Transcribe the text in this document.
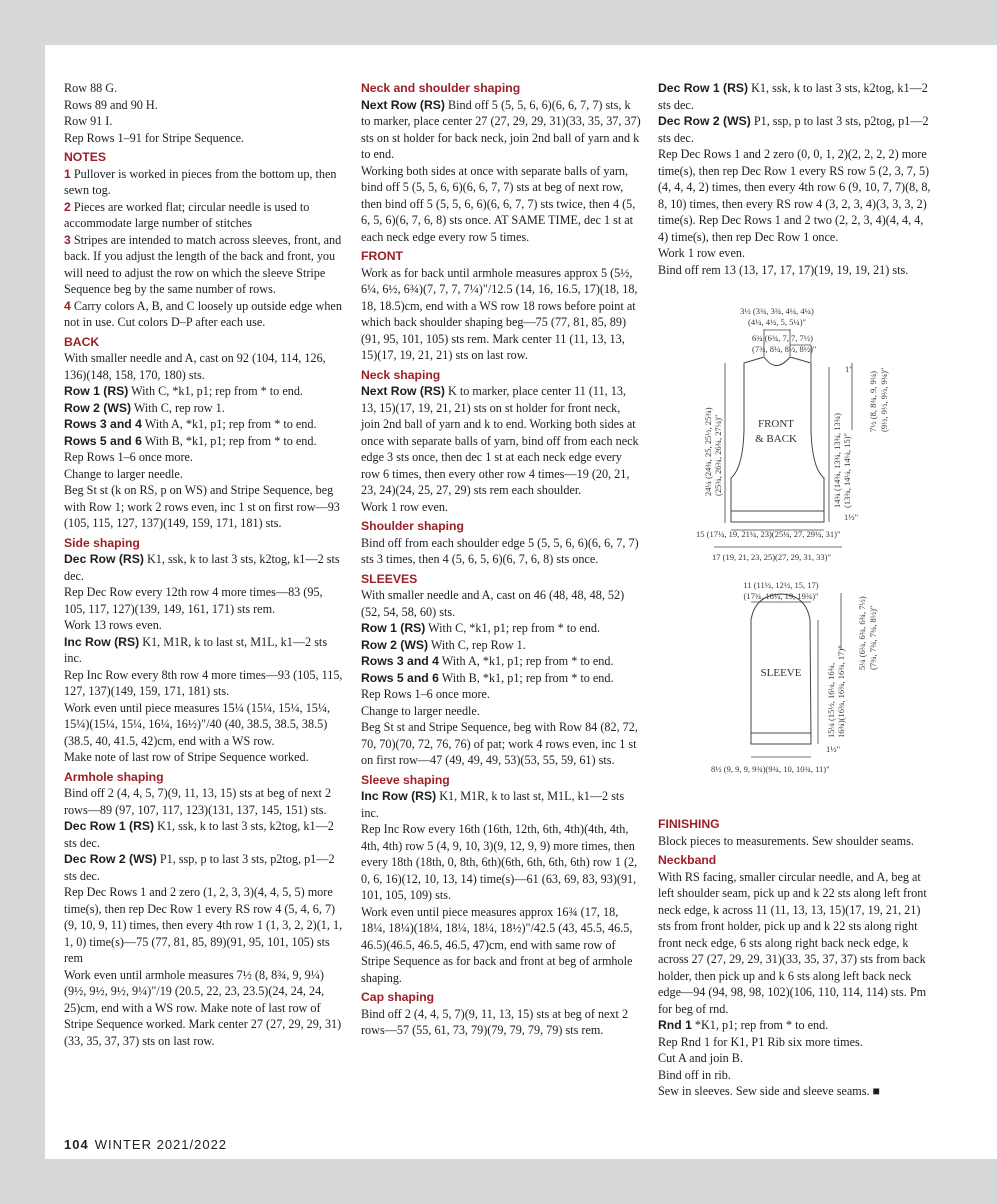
Row 88 G.

Rows 89 and 90 H.

Row 91 I.

Rep Rows 1–91 for Stripe Sequence.

NOTES

1 Pullover is worked in pieces from the bottom up, then sewn tog.

2 Pieces are worked flat; circular needle is used to accommodate large number of stitches

3 Stripes are intended to match across sleeves, front, and back. If you adjust the length of the back and front, you will need to adjust the row on which the sleeve Stripe Sequence beg by the same number of rows.

4 Carry colors A, B, and C loosely up outside edge when not in use. Cut colors D–P after each use.

BACK

With smaller needle and A, cast on 92 (104, 114, 126, 136)(148, 158, 170, 180) sts.

Row 1 (RS) With C, *k1, p1; rep from * to end.

Row 2 (WS) With C, rep row 1.

Rows 3 and 4 With A, *k1, p1; rep from * to end.

Rows 5 and 6 With B, *k1, p1; rep from * to end.

Rep Rows 1–6 once more.

Change to larger needle.

Beg St st (k on RS, p on WS) and Stripe Sequence, beg with Row 1; work 2 rows even, inc 1 st on first row—93 (105, 115, 127, 137)(149, 159, 171, 181) sts.

Side shaping

Dec Row (RS) K1, ssk, k to last 3 sts, k2tog, k1—2 sts dec.

Rep Dec Row every 12th row 4 more times—83 (95, 105, 117, 127)(139, 149, 161, 171) sts rem.

Work 13 rows even.

Inc Row (RS) K1, M1R, k to last st, M1L, k1—2 sts inc.

Rep Inc Row every 8th row 4 more times—93 (105, 115, 127, 137)(149, 159, 171, 181) sts.

Work even until piece measures 15¼ (15¼, 15¼, 15¼, 15¼)(15¼, 15¼, 16¼, 16½)"/40 (40, 38.5, 38.5, 38.5)(38.5, 40, 41.5, 42)cm, end with a WS row.

Make note of last row of Stripe Sequence worked.

Armhole shaping

Bind off 2 (4, 4, 5, 7)(9, 11, 13, 15) sts at beg of next 2 rows—89 (97, 107, 117, 123)(131, 137, 145, 151) sts.

Dec Row 1 (RS) K1, ssk, k to last 3 sts, k2tog, k1—2 sts dec.

Dec Row 2 (WS) P1, ssp, p to last 3 sts, p2tog, p1—2 sts dec.

Rep Dec Rows 1 and 2 zero (1, 2, 3, 3)(4, 4, 5, 5) more time(s), then rep Dec Row 1 every RS row 4 (5, 4, 6, 7)(9, 10, 9, 11) times, then every 4th row 1 (1, 3, 2, 2)(1, 1, 1, 0) time(s)—75 (77, 81, 85, 89)(91, 95, 101, 105) sts rem

Work even until armhole measures 7½ (8, 8¾, 9, 9¼)(9½, 9½, 9½, 9¼)"/19 (20.5, 22, 23, 23.5)(24, 24, 24, 25)cm, end with a WS row. Make note of last row of Stripe Sequence worked. Mark center 27 (27, 29, 29, 31)(33, 35, 37, 37) sts on last row.

Neck and shoulder shaping

Next Row (RS) Bind off 5 (5, 5, 6, 6)(6, 6, 7, 7) sts, k to marker, place center 27 (27, 29, 29, 31)(33, 35, 37, 37) sts on st holder for back neck, join 2nd ball of yarn and k to end.

Working both sides at once with separate balls of yarn, bind off 5 (5, 5, 6, 6)(6, 6, 7, 7) sts at beg of next row, then bind off 5 (5, 5, 6, 6)(6, 6, 7, 7) sts twice, then 4 (5, 6, 5, 6)(6, 7, 6, 8) sts once. AT SAME TIME, dec 1 st at each neck edge every row 5 times.

FRONT

Work as for back until armhole measures approx 5 (5½, 6¼, 6½, 6¾)(7, 7, 7, 7¼)"/12.5 (14, 16, 16.5, 17)(18, 18, 18, 18.5)cm, end with a WS row 18 rows before point at which back shoulder shaping beg—75 (77, 81, 85, 89)(91, 95, 101, 105) sts rem. Mark center 11 (11, 13, 13, 15)(17, 19, 21, 21) sts on last row.

Neck shaping

Next Row (RS) K to marker, place center 11 (11, 13, 13, 15)(17, 19, 21, 21) sts on st holder for front neck, join 2nd ball of yarn and k to end. Working both sides at once with separate balls of yarn, bind off from each neck edge 3 sts once, then dec 1 st at each neck edge every row 6 times, then every other row 4 times—19 (20, 21, 23, 24)(24, 25, 27, 29) sts rem each shoulder.

Work 1 row even.

Shoulder shaping

Bind off from each shoulder edge 5 (5, 5, 6, 6)(6, 6, 7, 7) sts 3 times, then 4 (5, 6, 5, 6)(6, 7, 6, 8) sts once.

SLEEVES

With smaller needle and A, cast on 46 (48, 48, 48, 52)(52, 54, 58, 60) sts.

Row 1 (RS) With C, *k1, p1; rep from * to end.

Row 2 (WS) With C, rep Row 1.

Rows 3 and 4 With A, *k1, p1; rep from * to end.

Rows 5 and 6 With B, *k1, p1; rep from * to end.

Rep Rows 1–6 once more.

Change to larger needle.

Beg St st and Stripe Sequence, beg with Row 84 (82, 72, 70, 70)(70, 72, 76, 76) of pat; work 4 rows even, inc 1 st on first row—47 (49, 49, 49, 53)(53, 55, 59, 61) sts.

Sleeve shaping

Inc Row (RS) K1, M1R, k to last st, M1L, k1—2 sts inc.

Rep Inc Row every 16th (16th, 12th, 6th, 4th)(4th, 4th, 4th, 4th) row 5 (4, 9, 10, 3)(9, 12, 9, 9) more times, then every 18th (18th, 0, 8th, 6th)(6th, 6th, 6th, 6th) row 1 (2, 0, 6, 16)(12, 10, 13, 14) time(s)—61 (63, 69, 83, 93)(91, 101, 105, 109) sts.

Work even until piece measures approx 16¾ (17, 18, 18¼, 18¼)(18¼, 18¼, 18¼, 18½)"/42.5 (43, 45.5, 46.5, 46.5)(46.5, 46.5, 46.5, 47)cm, end with same row of Stripe Sequence as for back and front at beg of armhole shaping.

Cap shaping

Bind off 2 (4, 4, 5, 7)(9, 11, 13, 15) sts at beg of next 2 rows—57 (55, 61, 73, 79)(79, 79, 79, 79) sts rem.

Dec Row 1 (RS) K1, ssk, k to last 3 sts, k2tog, k1—2 sts dec.

Dec Row 2 (WS) P1, ssp, p to last 3 sts, p2tog, p1—2 sts dec.

Rep Dec Rows 1 and 2 zero (0, 0, 1, 2)(2, 2, 2, 2) more time(s), then rep Dec Row 1 every RS row 5 (2, 3, 7, 5)(4, 4, 4, 2) times, then every 4th row 6 (9, 10, 7, 7)(8, 8, 8, 10) times, then every RS row 4 (3, 2, 3, 4)(3, 3, 3, 2) time(s). Rep Dec Rows 1 and 2 two (2, 2, 3, 4)(4, 4, 4, 4) time(s), then rep Dec Row 1 once.

Work 1 row even.

Bind off rem 13 (13, 17, 17, 17)(19, 19, 19, 21) sts.

3½ (3¾, 3¾, 4¼, 4¼)
(4¼, 4½, 5, 5¼)"
6¾ (6¾, 7, 7, 7½)
(7¾, 8¼, 8½, 8½)"
1"
FRONT
& BACK
1½"
15 (17¼, 19, 21¼, 23)(25¼, 27, 29¼, 31)"
17 (19, 21, 23, 25)(27, 29, 31, 33)"
24¼ (24¾, 25, 25½, 25¾) (25¾, 26¾, 26¾, 27¼)"	14¾ (14¾, 13¾, 13¾, 13¾) (13¾, 14¼, 14¼, 15)"
7½ (8, 8¾, 9, 9¼) (9½, 9½, 9½, 9¾)"
11 (11½, 12½, 15, 17)
(17¾, 18¼, 19, 19¾)"
SLEEVE
5¼ (6¼, 6¾, 6¾, 7½) (7¾, 7¾, 7¾, 8½)"
15¼ (15½, 16¼, 16¾, 16¾)(16¾, 16¾, 16¾, 17)"
1½"
8½ (9, 9, 9, 9¾)(9¾, 10, 10¾, 11)"

FINISHING

Block pieces to measurements. Sew shoulder seams.

Neckband

With RS facing, smaller circular needle, and A, beg at left shoulder seam, pick up and k 22 sts along left front neck edge, k across 11 (11, 13, 13, 15)(17, 19, 21, 21) sts from front holder, pick up and k 22 sts along right front neck edge, 6 sts along right back neck edge, k across 27 (27, 29, 29, 31)(33, 35, 37, 37) sts from back holder, then pick up and k 6 sts along left back neck edge—94 (94, 98, 98, 102)(106, 110, 114, 114) sts. Pm for beg of rnd.

Rnd 1 *K1, p1; rep from * to end.

Rep Rnd 1 for K1, P1 Rib six more times.

Cut A and join B.

Bind off in rib.

Sew in sleeves. Sew side and sleeve seams. ■

104 WINTER 2021/2022
